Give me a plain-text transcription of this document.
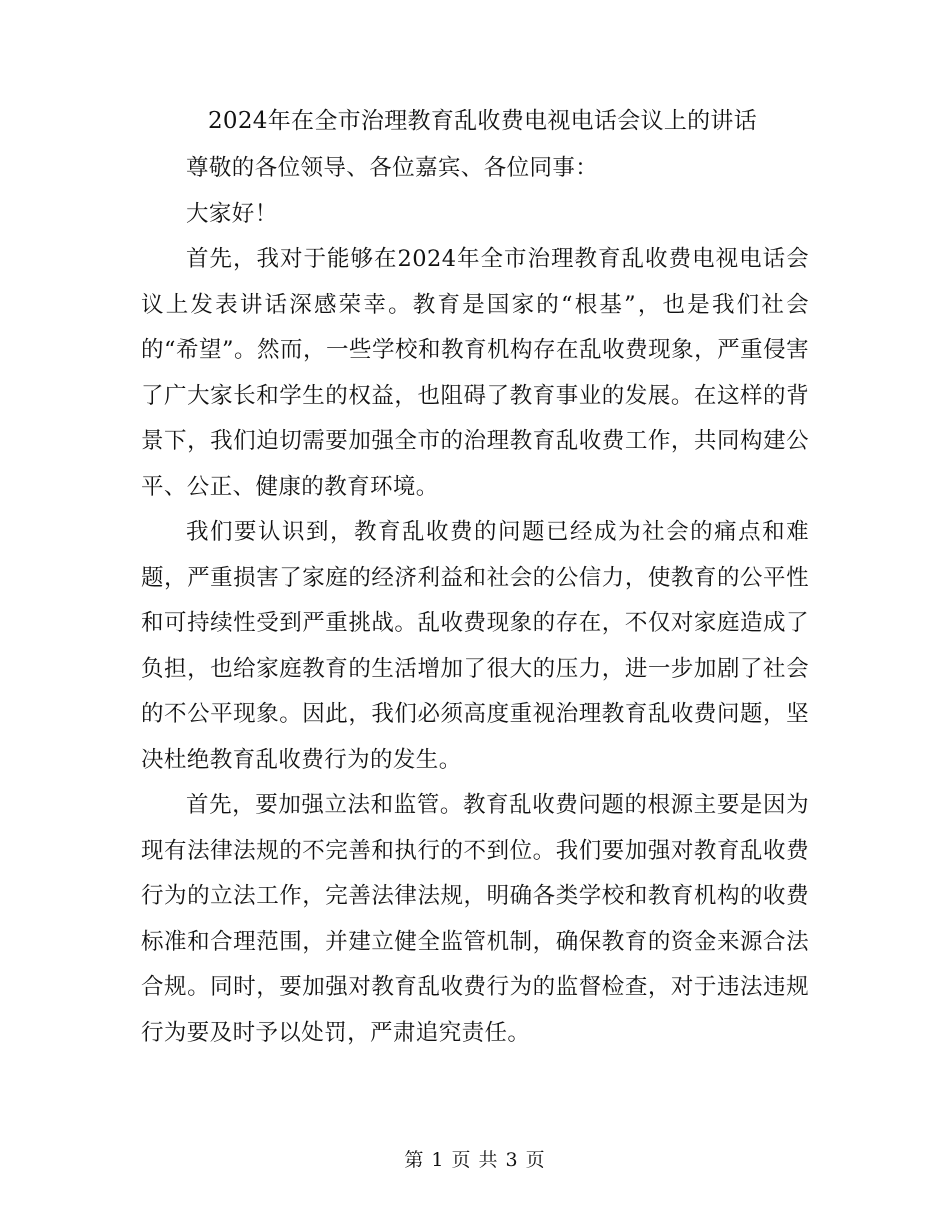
2024年在全市治理教育乱收费电视电话会议上的讲话

尊敬的各位领导、各位嘉宾、各位同事：

大家好！

首先，我对于能够在2024年全市治理教育乱收费电视电话会议上发表讲话深感荣幸。教育是国家的“根基”，也是我们社会的“希望”。然而，一些学校和教育机构存在乱收费现象，严重侵害了广大家长和学生的权益，也阻碍了教育事业的发展。在这样的背景下，我们迫切需要加强全市的治理教育乱收费工作，共同构建公平、公正、健康的教育环境。

我们要认识到，教育乱收费的问题已经成为社会的痛点和难题，严重损害了家庭的经济利益和社会的公信力，使教育的公平性和可持续性受到严重挑战。乱收费现象的存在，不仅对家庭造成了负担，也给家庭教育的生活增加了很大的压力，进一步加剧了社会的不公平现象。因此，我们必须高度重视治理教育乱收费问题，坚决杜绝教育乱收费行为的发生。

首先，要加强立法和监管。教育乱收费问题的根源主要是因为现有法律法规的不完善和执行的不到位。我们要加强对教育乱收费行为的立法工作，完善法律法规，明确各类学校和教育机构的收费标准和合理范围，并建立健全监管机制，确保教育的资金来源合法合规。同时，要加强对教育乱收费行为的监督检查，对于违法违规行为要及时予以处罚，严肃追究责任。

第 1 页 共 3 页
